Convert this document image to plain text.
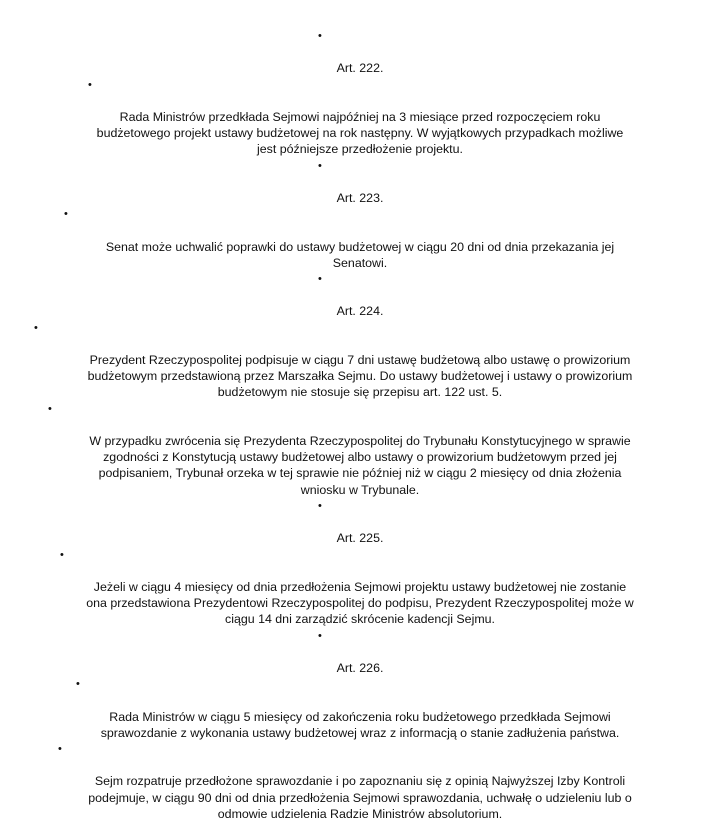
•

Art. 222.

•

Rada Ministrów przedkłada Sejmowi najpóźniej na 3 miesiące przed rozpoczęciem roku
budżetowego projekt ustawy budżetowej na rok następny. W wyjątkowych przypadkach możliwe
jest późniejsze przedłożenie projektu.

•

Art. 223.

•

Senat może uchwalić poprawki do ustawy budżetowej w ciągu 20 dni od dnia przekazania jej
Senatowi.

•

Art. 224.

•

Prezydent Rzeczypospolitej podpisuje w ciągu 7 dni ustawę budżetową albo ustawę o prowizorium
budżetowym przedstawioną przez Marszałka Sejmu. Do ustawy budżetowej i ustawy o prowizorium
budżetowym nie stosuje się przepisu art. 122 ust. 5.

•

W przypadku zwrócenia się Prezydenta Rzeczypospolitej do Trybunału Konstytucyjnego w sprawie
zgodności z Konstytucją ustawy budżetowej albo ustawy o prowizorium budżetowym przed jej
podpisaniem, Trybunał orzeka w tej sprawie nie później niż w ciągu 2 miesięcy od dnia złożenia
wniosku w Trybunale.

•

Art. 225.

•

Jeżeli w ciągu 4 miesięcy od dnia przedłożenia Sejmowi projektu ustawy budżetowej nie zostanie
ona przedstawiona Prezydentowi Rzeczypospolitej do podpisu, Prezydent Rzeczypospolitej może w
ciągu 14 dni zarządzić skrócenie kadencji Sejmu.

•

Art. 226.

•

Rada Ministrów w ciągu 5 miesięcy od zakończenia roku budżetowego przedkłada Sejmowi
sprawozdanie z wykonania ustawy budżetowej wraz z informacją o stanie zadłużenia państwa.

•

Sejm rozpatruje przedłożone sprawozdanie i po zapoznaniu się z opinią Najwyższej Izby Kontroli
podejmuje, w ciągu 90 dni od dnia przedłożenia Sejmowi sprawozdania, uchwałę o udzieleniu lub o
odmowie udzielenia Radzie Ministrów absolutorium.
